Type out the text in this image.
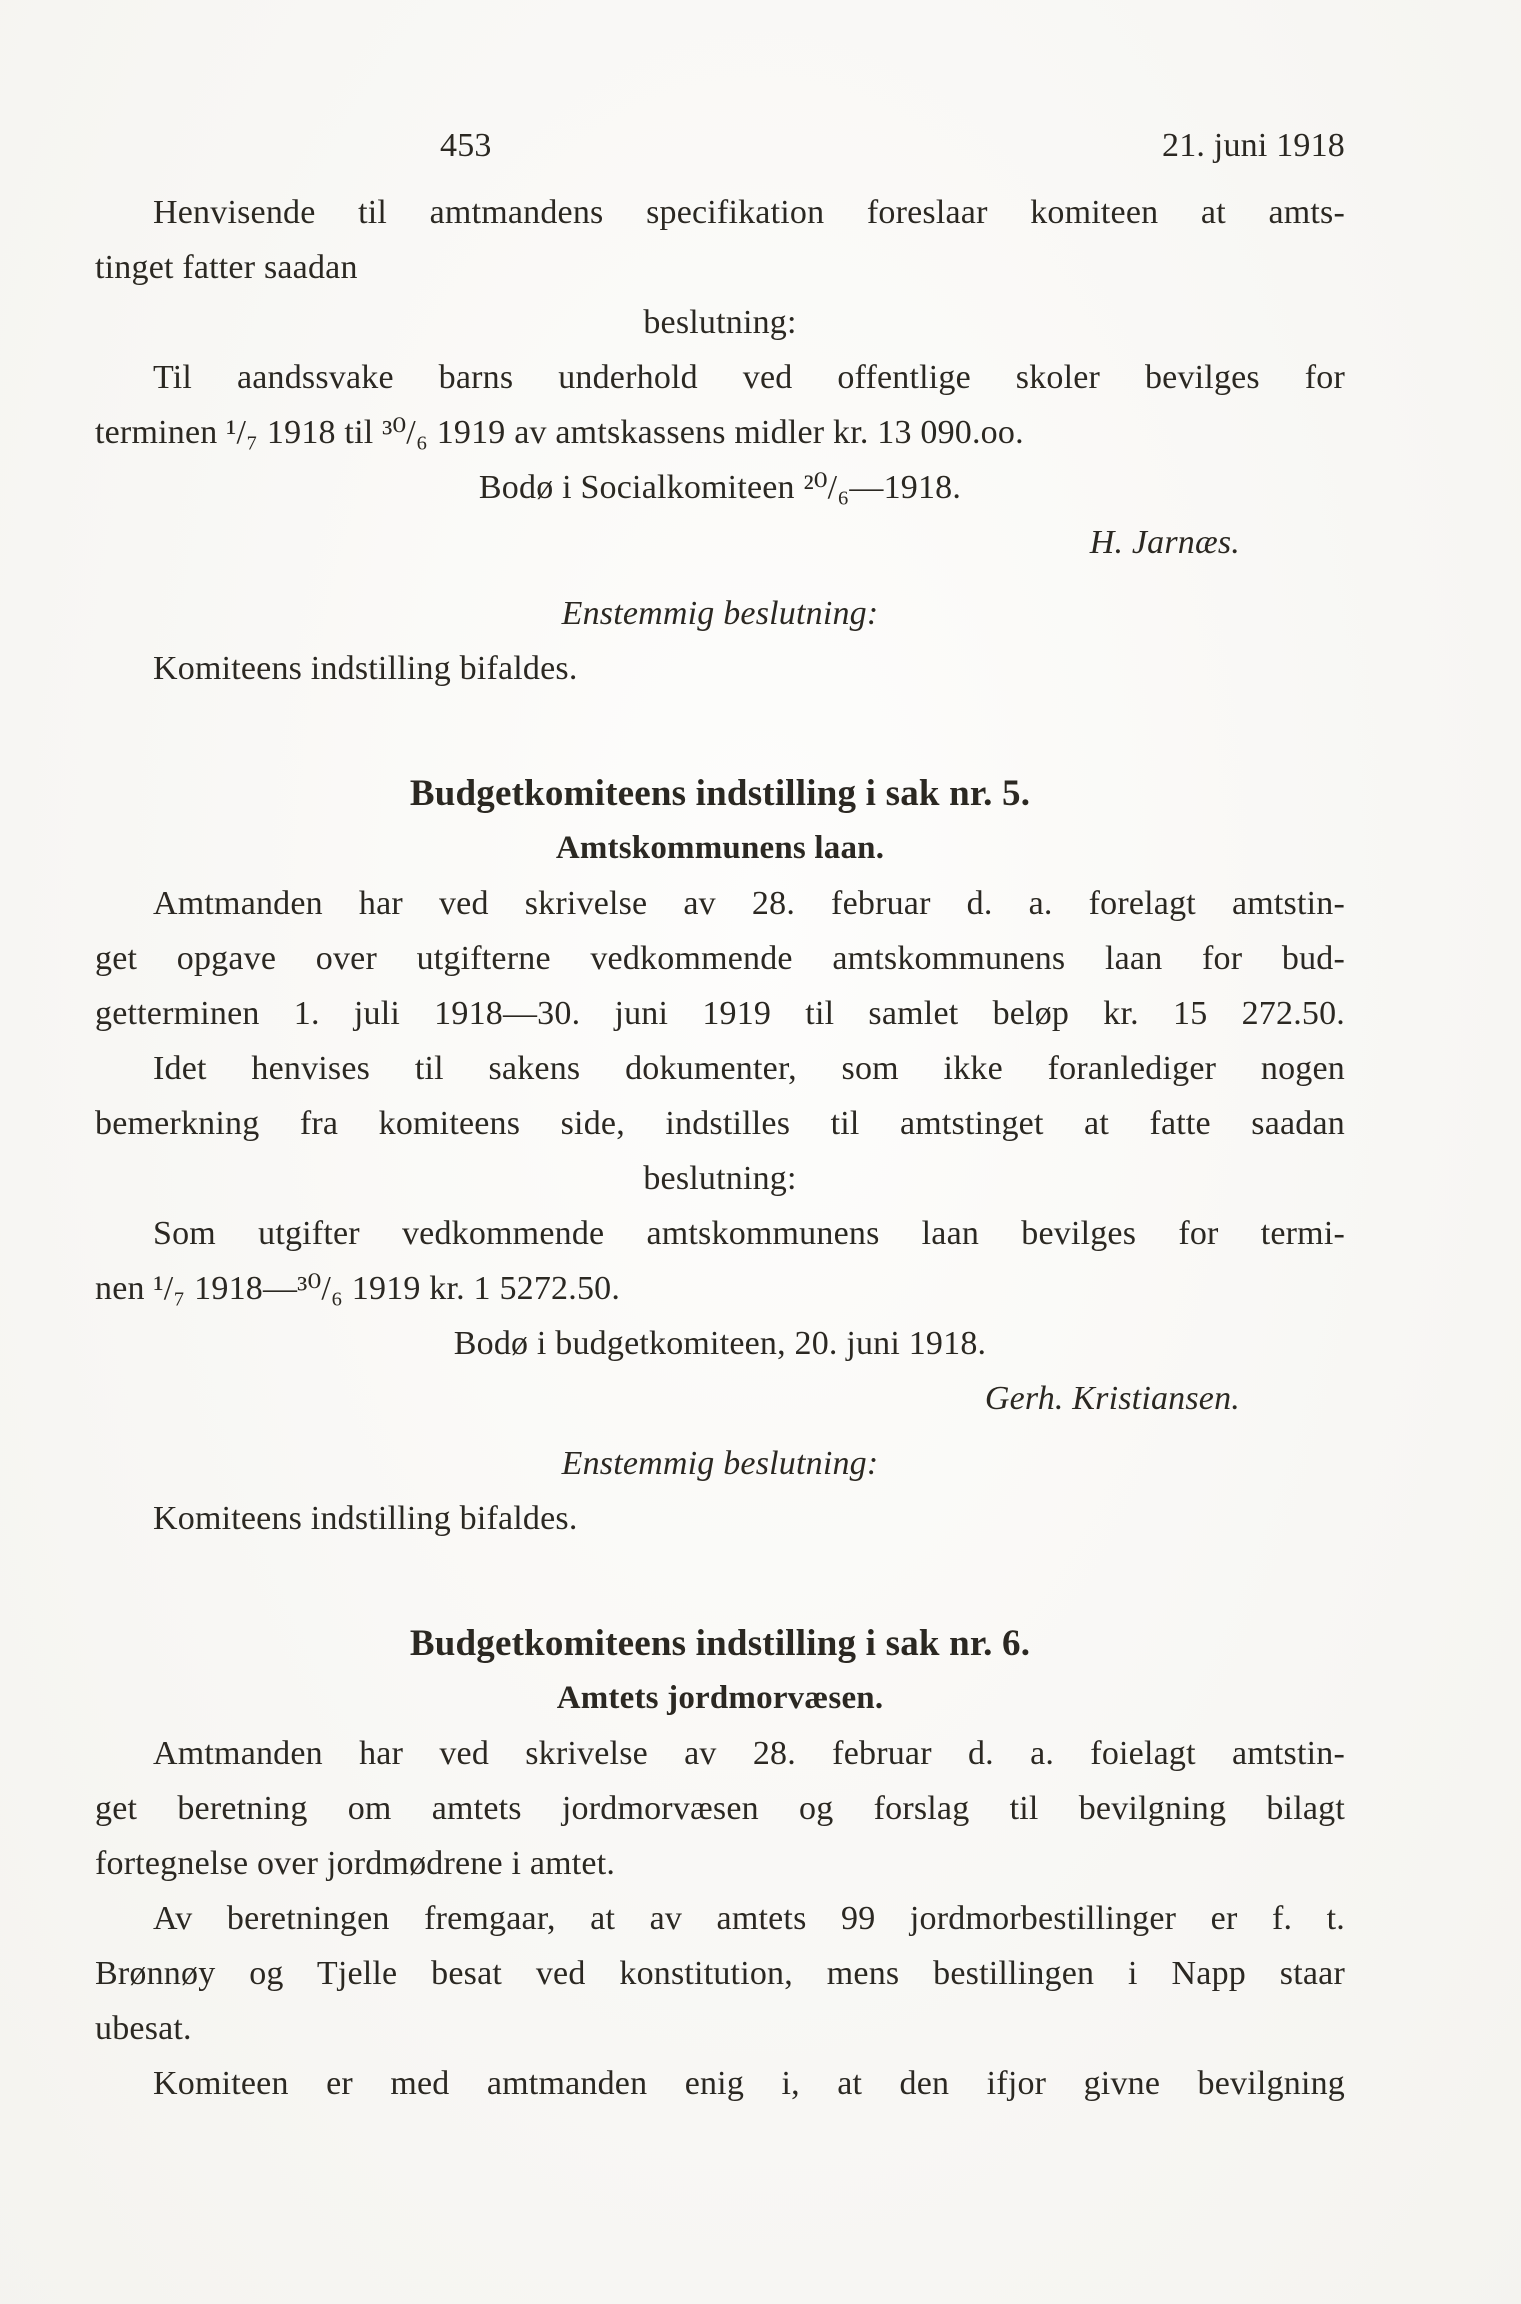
453	21. juni 1918
Henvisende til amtmandens specifikation foreslaar komiteen at amts-
tinget fatter saadan
beslutning:
Til aandssvake barns underhold ved offentlige skoler bevilges for
terminen ¹/₇ 1918 til ³⁰/₆ 1919 av amtskassens midler kr. 13 090.oo.
Bodø i Socialkomiteen ²⁰/₆—1918.
H. Jarnæs.
Enstemmig beslutning:
Komiteens indstilling bifaldes.
Budgetkomiteens indstilling i sak nr. 5.
Amtskommunens laan.
Amtmanden har ved skrivelse av 28. februar d. a. forelagt amtstin-
get opgave over utgifterne vedkommende amtskommunens laan for bud-
getterminen 1. juli 1918—30. juni 1919 til samlet beløp kr. 15 272.50.
Idet henvises til sakens dokumenter, som ikke foranlediger nogen
bemerkning fra komiteens side, indstilles til amtstinget at fatte saadan
beslutning:
Som utgifter vedkommende amtskommunens laan bevilges for termi-
nen ¹/₇ 1918—³⁰/₆ 1919 kr. 1 5272.50.
Bodø i budgetkomiteen, 20. juni 1918.
Gerh. Kristiansen.
Enstemmig beslutning:
Komiteens indstilling bifaldes.
Budgetkomiteens indstilling i sak nr. 6.
Amtets jordmorvæsen.
Amtmanden har ved skrivelse av 28. februar d. a. foielagt amtstin-
get beretning om amtets jordmorvæsen og forslag til bevilgning bilagt
fortegnelse over jordmødrene i amtet.
Av beretningen fremgaar, at av amtets 99 jordmorbestillinger er f. t.
Brønnøy og Tjelle besat ved konstitution, mens bestillingen i Napp staar
ubesat.
Komiteen er med amtmanden enig i, at den ifjor givne bevilgning
